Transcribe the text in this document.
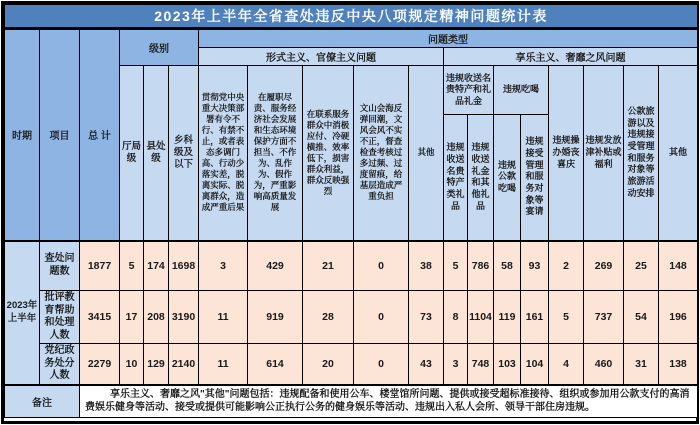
2023年上半年全省查处违反中央八项规定精神问题统计表																		
时期	项目	总 计	级别			问题类型												
						形式主义、官僚主义问题					享乐主义、奢靡之风问题							
			厅局级	县处级	乡科级及以下	贯彻党中央重大决策部署有令不行、有禁不止，或者表态多调门高、行动少落实差，脱离实际、脱离群众，造成严重后果	在履职尽责、服务经济社会发展和生态环境保护方面不担当、不作为、乱作为、假作为，严重影响高质量发展	在联系服务群众中消极应付、冷硬横推、效率低下，损害群众利益，群众反映强烈	文山会海反弹回潮，文风会风不实不正，督查检查考核过多过频、过度留痕，给基层造成严重负担	其他	违规收送名贵特产和礼品礼金		违规吃喝		违规操办婚丧喜庆	违规发放津补贴或福利	公款旅游以及违规接受管理和服务对象等旅游活动安排	其他
											违规收送名贵特产类礼品	违规收送礼金和其他礼品	违规公款吃喝	违规接受管理和服务对象等宴请				
2023年上半年	查处问题数	1877	5	174	1698	3	429	21	0	38	5	786	58	93	2	269	25	148
	批评教育帮助和处理人数	3415	17	208	3190	11	919	28	0	73	8	1104	119	161	5	737	54	196
	党纪政务处分人数	2279	10	129	2140	11	614	20	0	43	3	748	103	104	4	460	31	138
备注		享乐主义、奢靡之风"其他"问题包括：违规配备和使用公车、楼堂馆所问题、提供或接受超标准接待、组织或参加用公款支付的高消费娱乐健身等活动、接受或提供可能影响公正执行公务的健身娱乐等活动、违规出入私人会所、领导干部住房违规。																
